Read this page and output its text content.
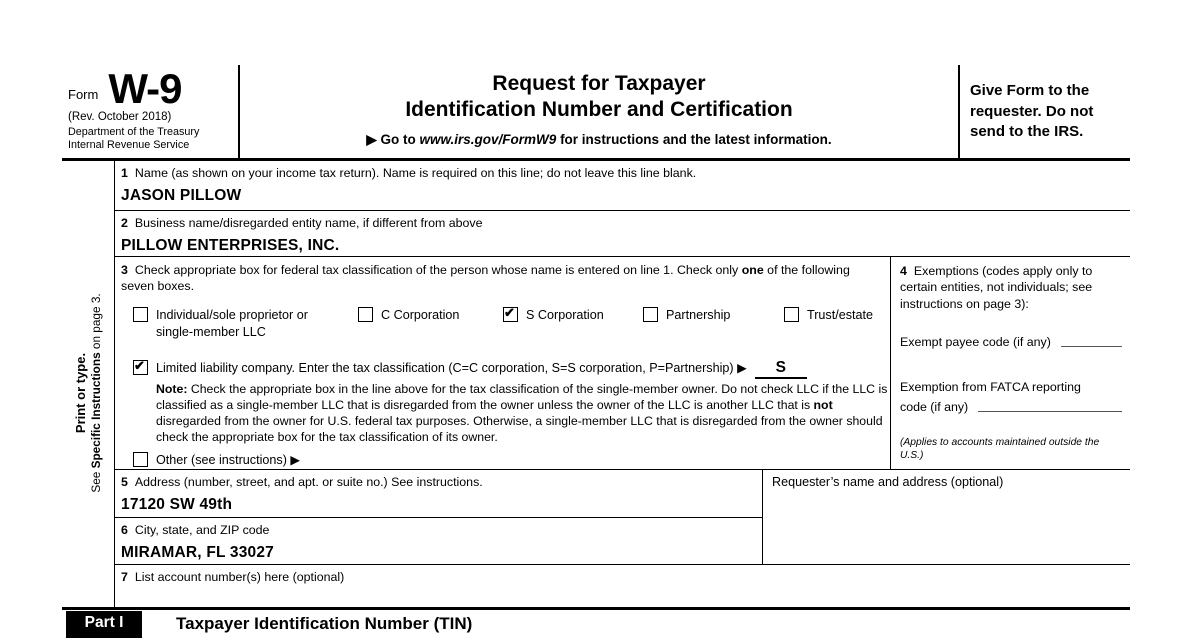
Form W-9
(Rev. October 2018)
Department of the Treasury
Internal Revenue Service
Request for Taxpayer
Identification Number and Certification
▶ Go to www.irs.gov/FormW9 for instructions and the latest information.
Give Form to the requester. Do not send to the IRS.
Print or type.
See Specific Instructions on page 3.
1 Name (as shown on your income tax return). Name is required on this line; do not leave this line blank.
JASON PILLOW
2 Business name/disregarded entity name, if different from above
PILLOW ENTERPRISES, INC.
3 Check appropriate box for federal tax classification of the person whose name is entered on line 1. Check only one of the following seven boxes.
Individual/sole proprietor or single-member LLC
C Corporation	✔ S Corporation	Partnership	Trust/estate
✔ Limited liability company. Enter the tax classification (C=C corporation, S=S corporation, P=Partnership) ▶ S
Note: Check the appropriate box in the line above for the tax classification of the single-member owner. Do not check LLC if the LLC is classified as a single-member LLC that is disregarded from the owner unless the owner of the LLC is another LLC that is not disregarded from the owner for U.S. federal tax purposes. Otherwise, a single-member LLC that is disregarded from the owner should check the appropriate box for the tax classification of its owner.
Other (see instructions) ▶
4 Exemptions (codes apply only to certain entities, not individuals; see instructions on page 3):
Exempt payee code (if any)
Exemption from FATCA reporting
code (if any)
(Applies to accounts maintained outside the U.S.)
5 Address (number, street, and apt. or suite no.) See instructions.
17120 SW 49th
6 City, state, and ZIP code
MIRAMAR, FL 33027
Requester’s name and address (optional)
7 List account number(s) here (optional)
Part I	Taxpayer Identification Number (TIN)
